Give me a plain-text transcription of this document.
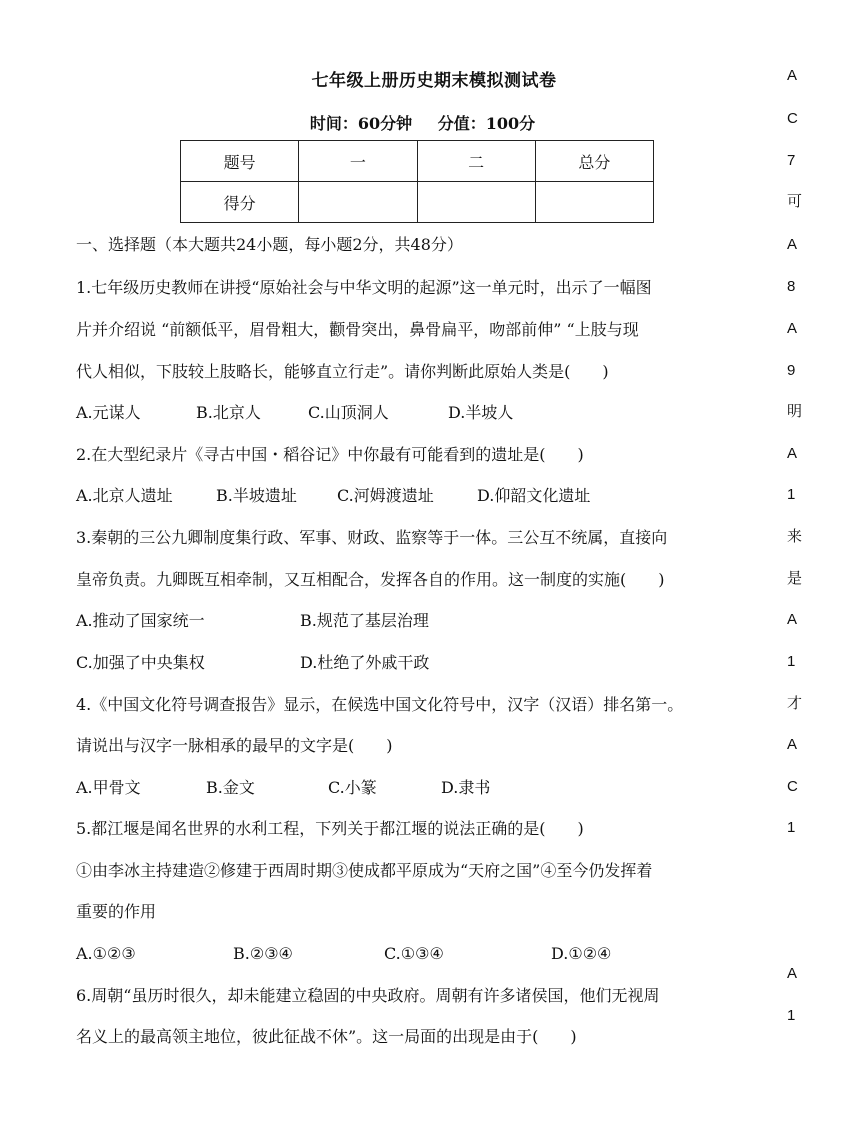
七年级上册历史期末模拟测试卷
时间：60分钟 分值：100分
题号	一	二	总分
得分			
一、选择题（本大题共24小题，每小题2分，共48分）
1.七年级历史教师在讲授“原始社会与中华文明的起源”这一单元时，出示了一幅图
片并介绍说 “前额低平，眉骨粗大，颧骨突出，鼻骨扁平，吻部前伸” “上肢与现
代人相似，下肢较上肢略长，能够直立行走”。请你判断此原始人类是(　　)
A.元谋人	B.北京人	C.山顶洞人	D.半坡人
2.在大型纪录片《寻古中国・稻谷记》中你最有可能看到的遗址是(　　)
A.北京人遗址	B.半坡遗址	C.河姆渡遗址	D.仰韶文化遗址
3.秦朝的三公九卿制度集行政、军事、财政、监察等于一体。三公互不统属，直接向
皇帝负责。九卿既互相牵制，又互相配合，发挥各自的作用。这一制度的实施(　　)
A.推动了国家统一	B.规范了基层治理
C.加强了中央集权	D.杜绝了外戚干政
4.《中国文化符号调查报告》显示，在候选中国文化符号中，汉字（汉语）排名第一。
请说出与汉字一脉相承的最早的文字是(　　)
A.甲骨文	B.金文	C.小篆	D.隶书
5.都江堰是闻名世界的水利工程，下列关于都江堰的说法正确的是(　　)
①由李冰主持建造②修建于西周时期③使成都平原成为“天府之国”④至今仍发挥着
重要的作用
A.①②③	B.②③④	C.①③④	D.①②④
6.周朝“虽历时很久，却未能建立稳固的中央政府。周朝有许多诸侯国，他们无视周
名义上的最高领主地位，彼此征战不休”。这一局面的出现是由于(　　)
A
C
7
可
A
8
A
9
明
A
1
来
是
A
1
才
A
C
1
A
1
